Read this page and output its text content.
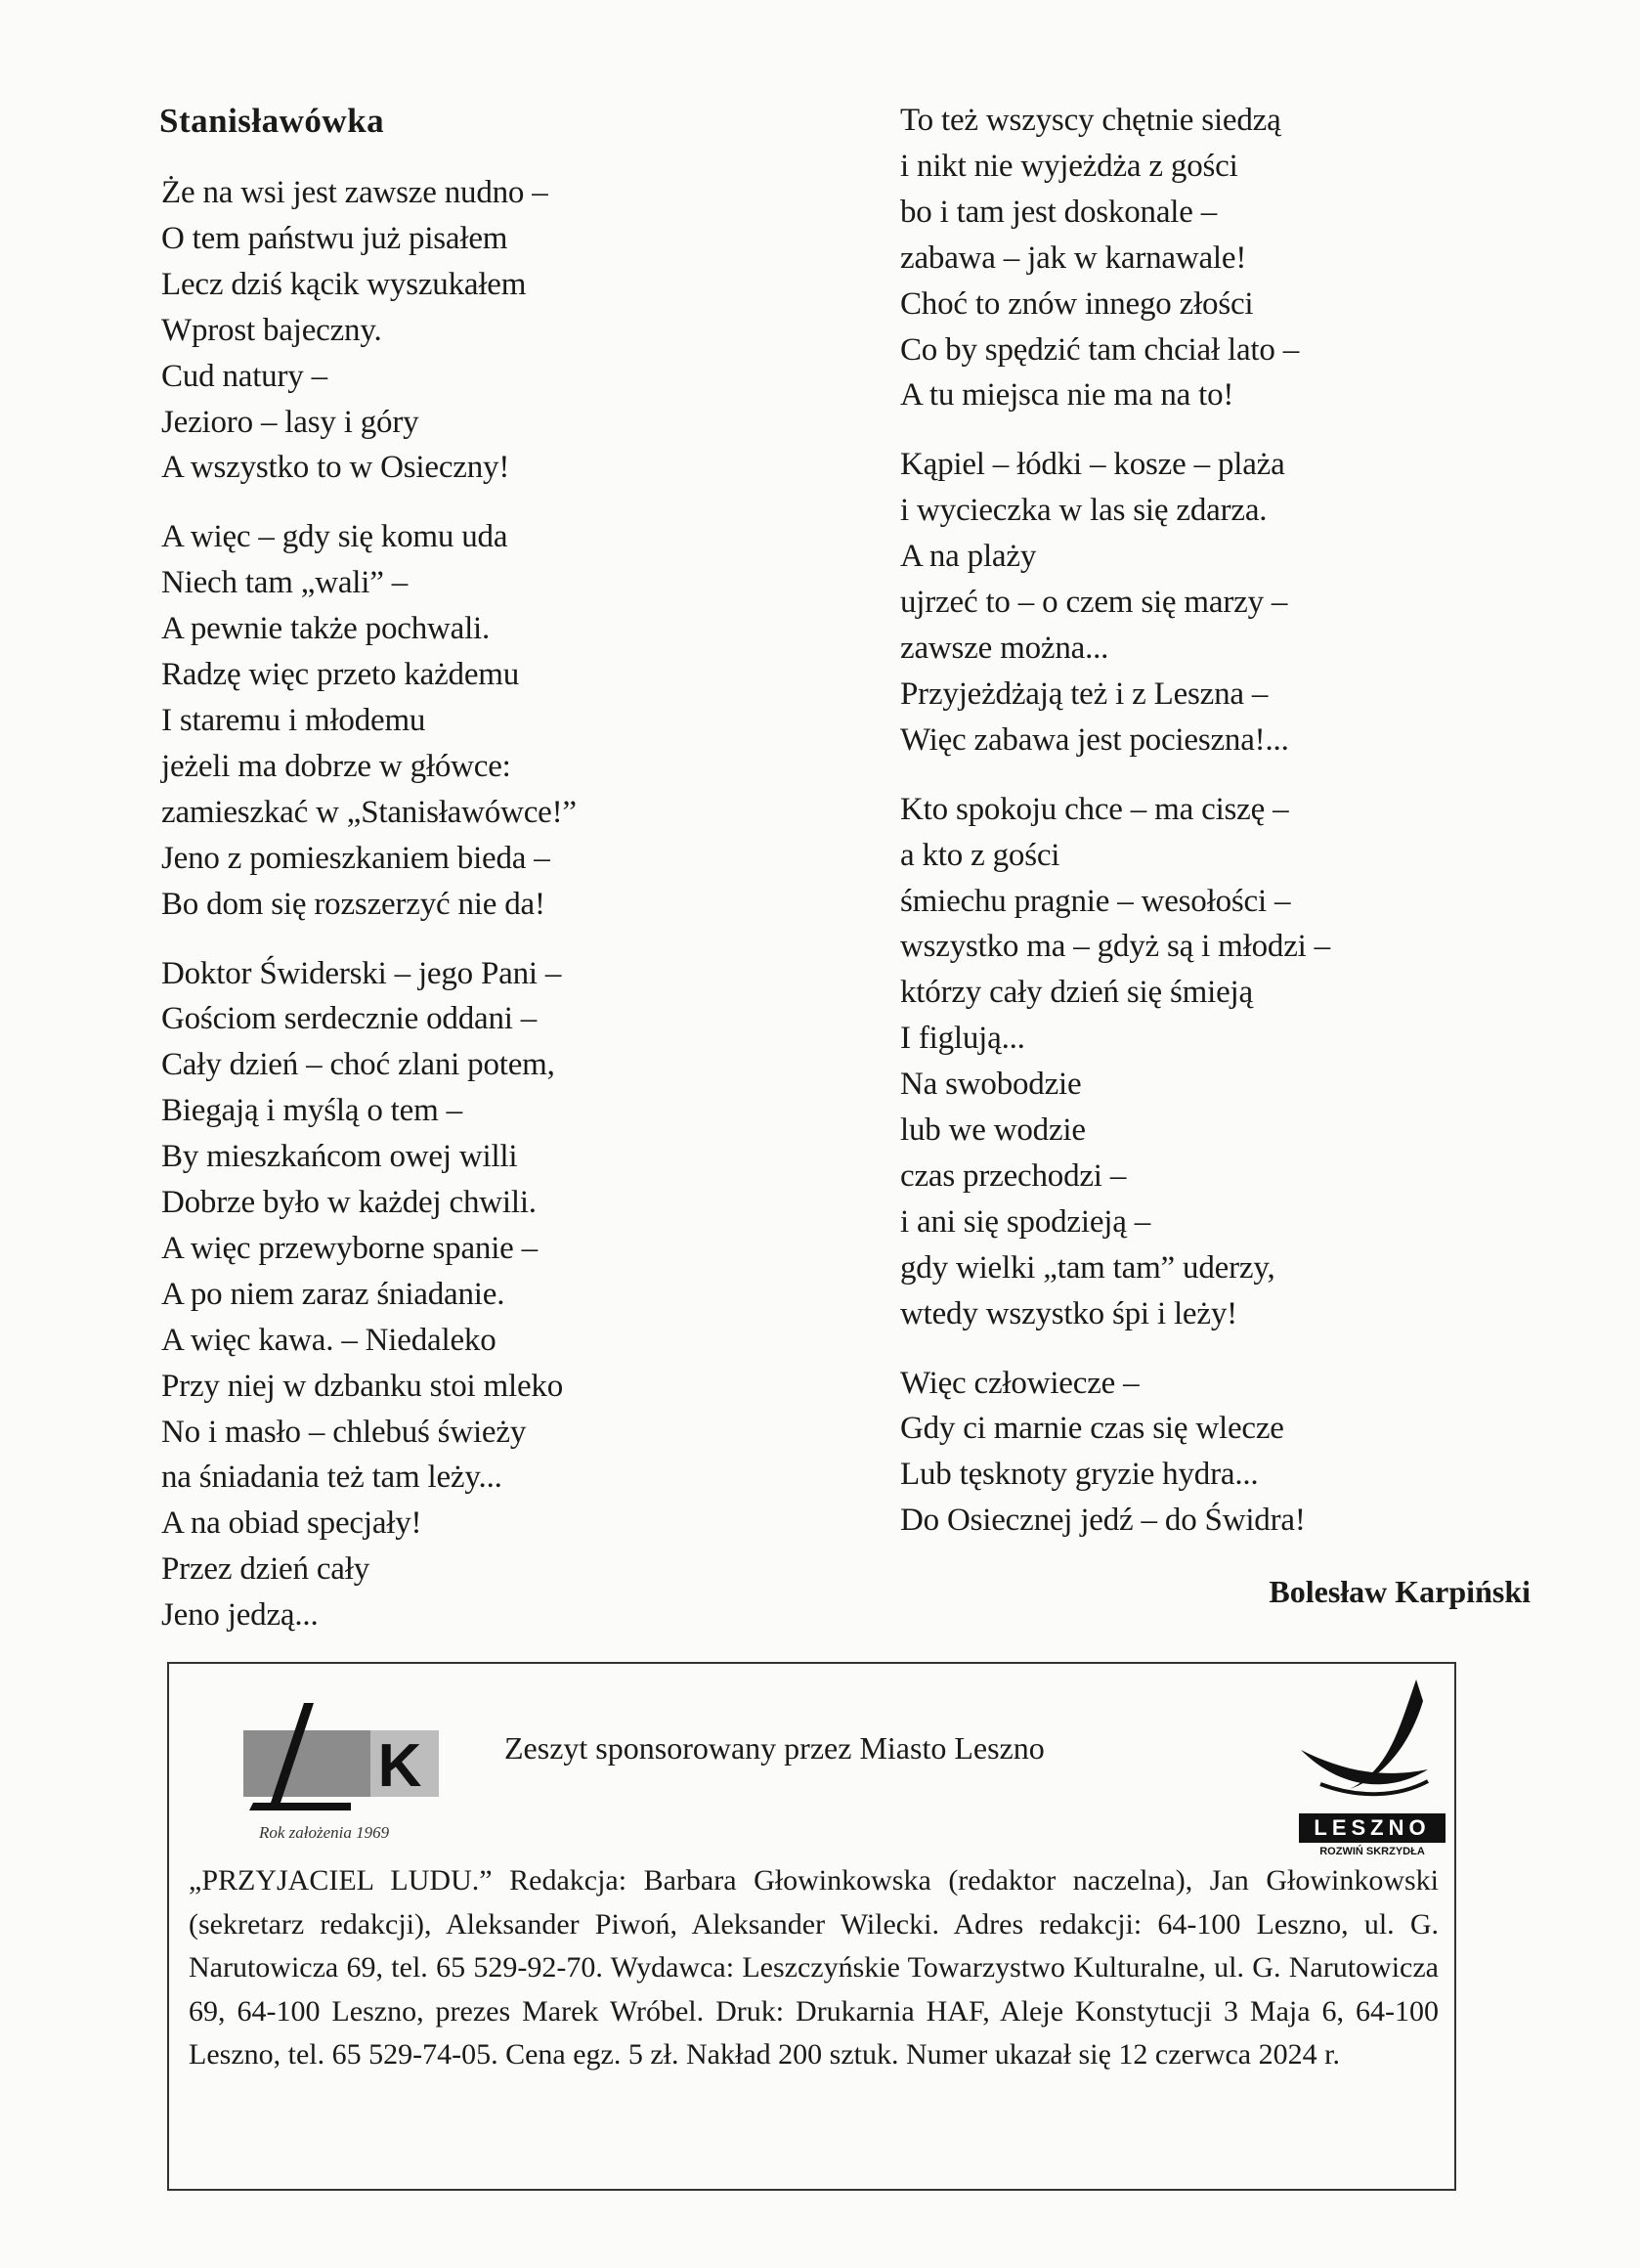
Stanisławówka

Że na wsi jest zawsze nudno –
O tem państwu już pisałem
Lecz dziś kącik wyszukałem
Wprost bajeczny.
Cud natury –
Jezioro – lasy i góry
A wszystko to w Osieczny!

A więc – gdy się komu uda
Niech tam „wali” –
A pewnie także pochwali.
Radzę więc przeto każdemu
I staremu i młodemu
jeżeli ma dobrze w główce:
zamieszkać w „Stanisławówce!”
Jeno z pomieszkaniem bieda –
Bo dom się rozszerzyć nie da!

Doktor Świderski – jego Pani –
Gościom serdecznie oddani –
Cały dzień – choć zlani potem,
Biegają i myślą o tem –
By mieszkańcom owej willi
Dobrze było w każdej chwili.
A więc przewyborne spanie –
A po niem zaraz śniadanie.
A więc kawa. – Niedaleko
Przy niej w dzbanku stoi mleko
No i masło – chlebuś świeży
na śniadania też tam leży...
A na obiad specjały!
Przez dzień cały
Jeno jedzą...

To też wszyscy chętnie siedzą
i nikt nie wyjeżdża z gości
bo i tam jest doskonale –
zabawa – jak w karnawale!
Choć to znów innego złości
Co by spędzić tam chciał lato –
A tu miejsca nie ma na to!

Kąpiel – łódki – kosze – plaża
i wycieczka w las się zdarza.
A na plaży
ujrzeć to – o czem się marzy –
zawsze można...
Przyjeżdżają też i z Leszna –
Więc zabawa jest pocieszna!...

Kto spokoju chce – ma ciszę –
a kto z gości
śmiechu pragnie – wesołości –
wszystko ma – gdyż są i młodzi –
którzy cały dzień się śmieją
I figlują...
Na swobodzie
lub we wodzie
czas przechodzi –
i ani się spodzieją –
gdy wielki „tam tam” uderzy,
wtedy wszystko śpi i leży!

Więc człowiecze –
Gdy ci marnie czas się wlecze
Lub tęsknoty gryzie hydra...
Do Osiecznej jedź – do Świdra!

Bolesław Karpiński

K

Rok założenia 1969

Zeszyt sponsorowany przez Miasto Leszno

LESZNO
ROZWIŃ SKRZYDŁA

„PRZYJACIEL LUDU.” Redakcja: Barbara Głowinkowska (redaktor naczelna), Jan Głowinkowski (sekretarz redakcji), Aleksander Piwoń, Aleksander Wilecki. Adres redakcji: 64-100 Leszno, ul. G. Narutowicza 69, tel. 65 529-92-70. Wydawca: Leszczyńskie Towarzystwo Kulturalne, ul. G. Narutowicza 69, 64-100 Leszno, prezes Marek Wróbel. Druk: Drukarnia HAF, Aleje Konstytucji 3 Maja 6, 64-100 Leszno, tel. 65 529-74-05. Cena egz. 5 zł. Nakład 200 sztuk. Numer ukazał się 12 czerwca 2024 r.
